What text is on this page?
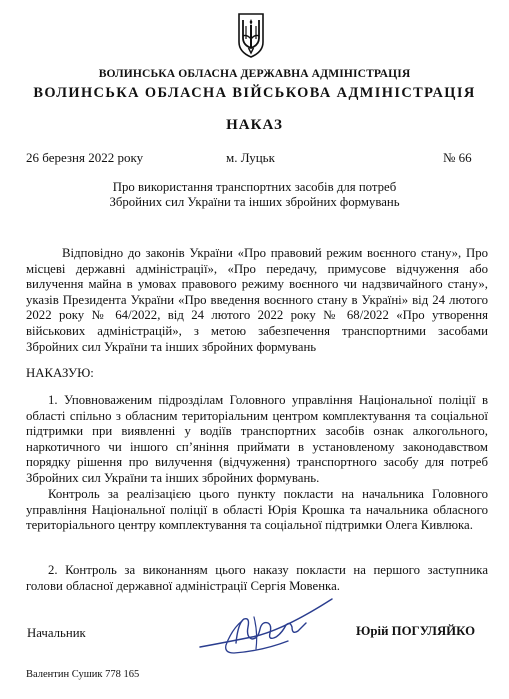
ВОЛИНСЬКА ОБЛАСНА ДЕРЖАВНА АДМІНІСТРАЦІЯ
ВОЛИНСЬКА ОБЛАСНА ВІЙСЬКОВА АДМІНІСТРАЦІЯ
НАКАЗ
26 березня 2022 року	м. Луцьк	№ 66
Про використання транспортних засобів для потреб
Збройних сил України та інших збройних формувань
Відповідно до законів України «Про правовий режим воєнного стану», Про місцеві державні адміністрації», «Про передачу, примусове відчуження або вилучення майна в умовах правового режиму воєнного чи надзвичайного стану», указів Президента України «Про введення воєнного стану в Україні» від 24 лютого 2022 року № 64/2022, від 24 лютого 2022 року № 68/2022 «Про утворення військових адміністрацій», з метою забезпечення транспортними засобами Збройних сил України та інших збройних формувань
НАКАЗУЮ:
1. Уповноваженим підрозділам Головного управління Національної поліції в області спільно з обласним територіальним центром комплектування та соціальної підтримки при виявленні у водіїв транспортних засобів ознак алкогольного, наркотичного чи іншого сп’яніння приймати в установленому законодавством порядку рішення про вилучення (відчуження) транспортного засобу для потреб Збройних сил України та інших збройних формувань.
Контроль за реалізацією цього пункту покласти на начальника Головного управління Національної поліції в області Юрія Крошка та начальника обласного територіального центру комплектування та соціальної підтримки Олега Кивлюка.
2. Контроль за виконанням цього наказу покласти на першого заступника голови обласної державної адміністрації Сергія Мовенка.
Начальник	Юрій ПОГУЛЯЙКО
Валентин Сушик 778 165
